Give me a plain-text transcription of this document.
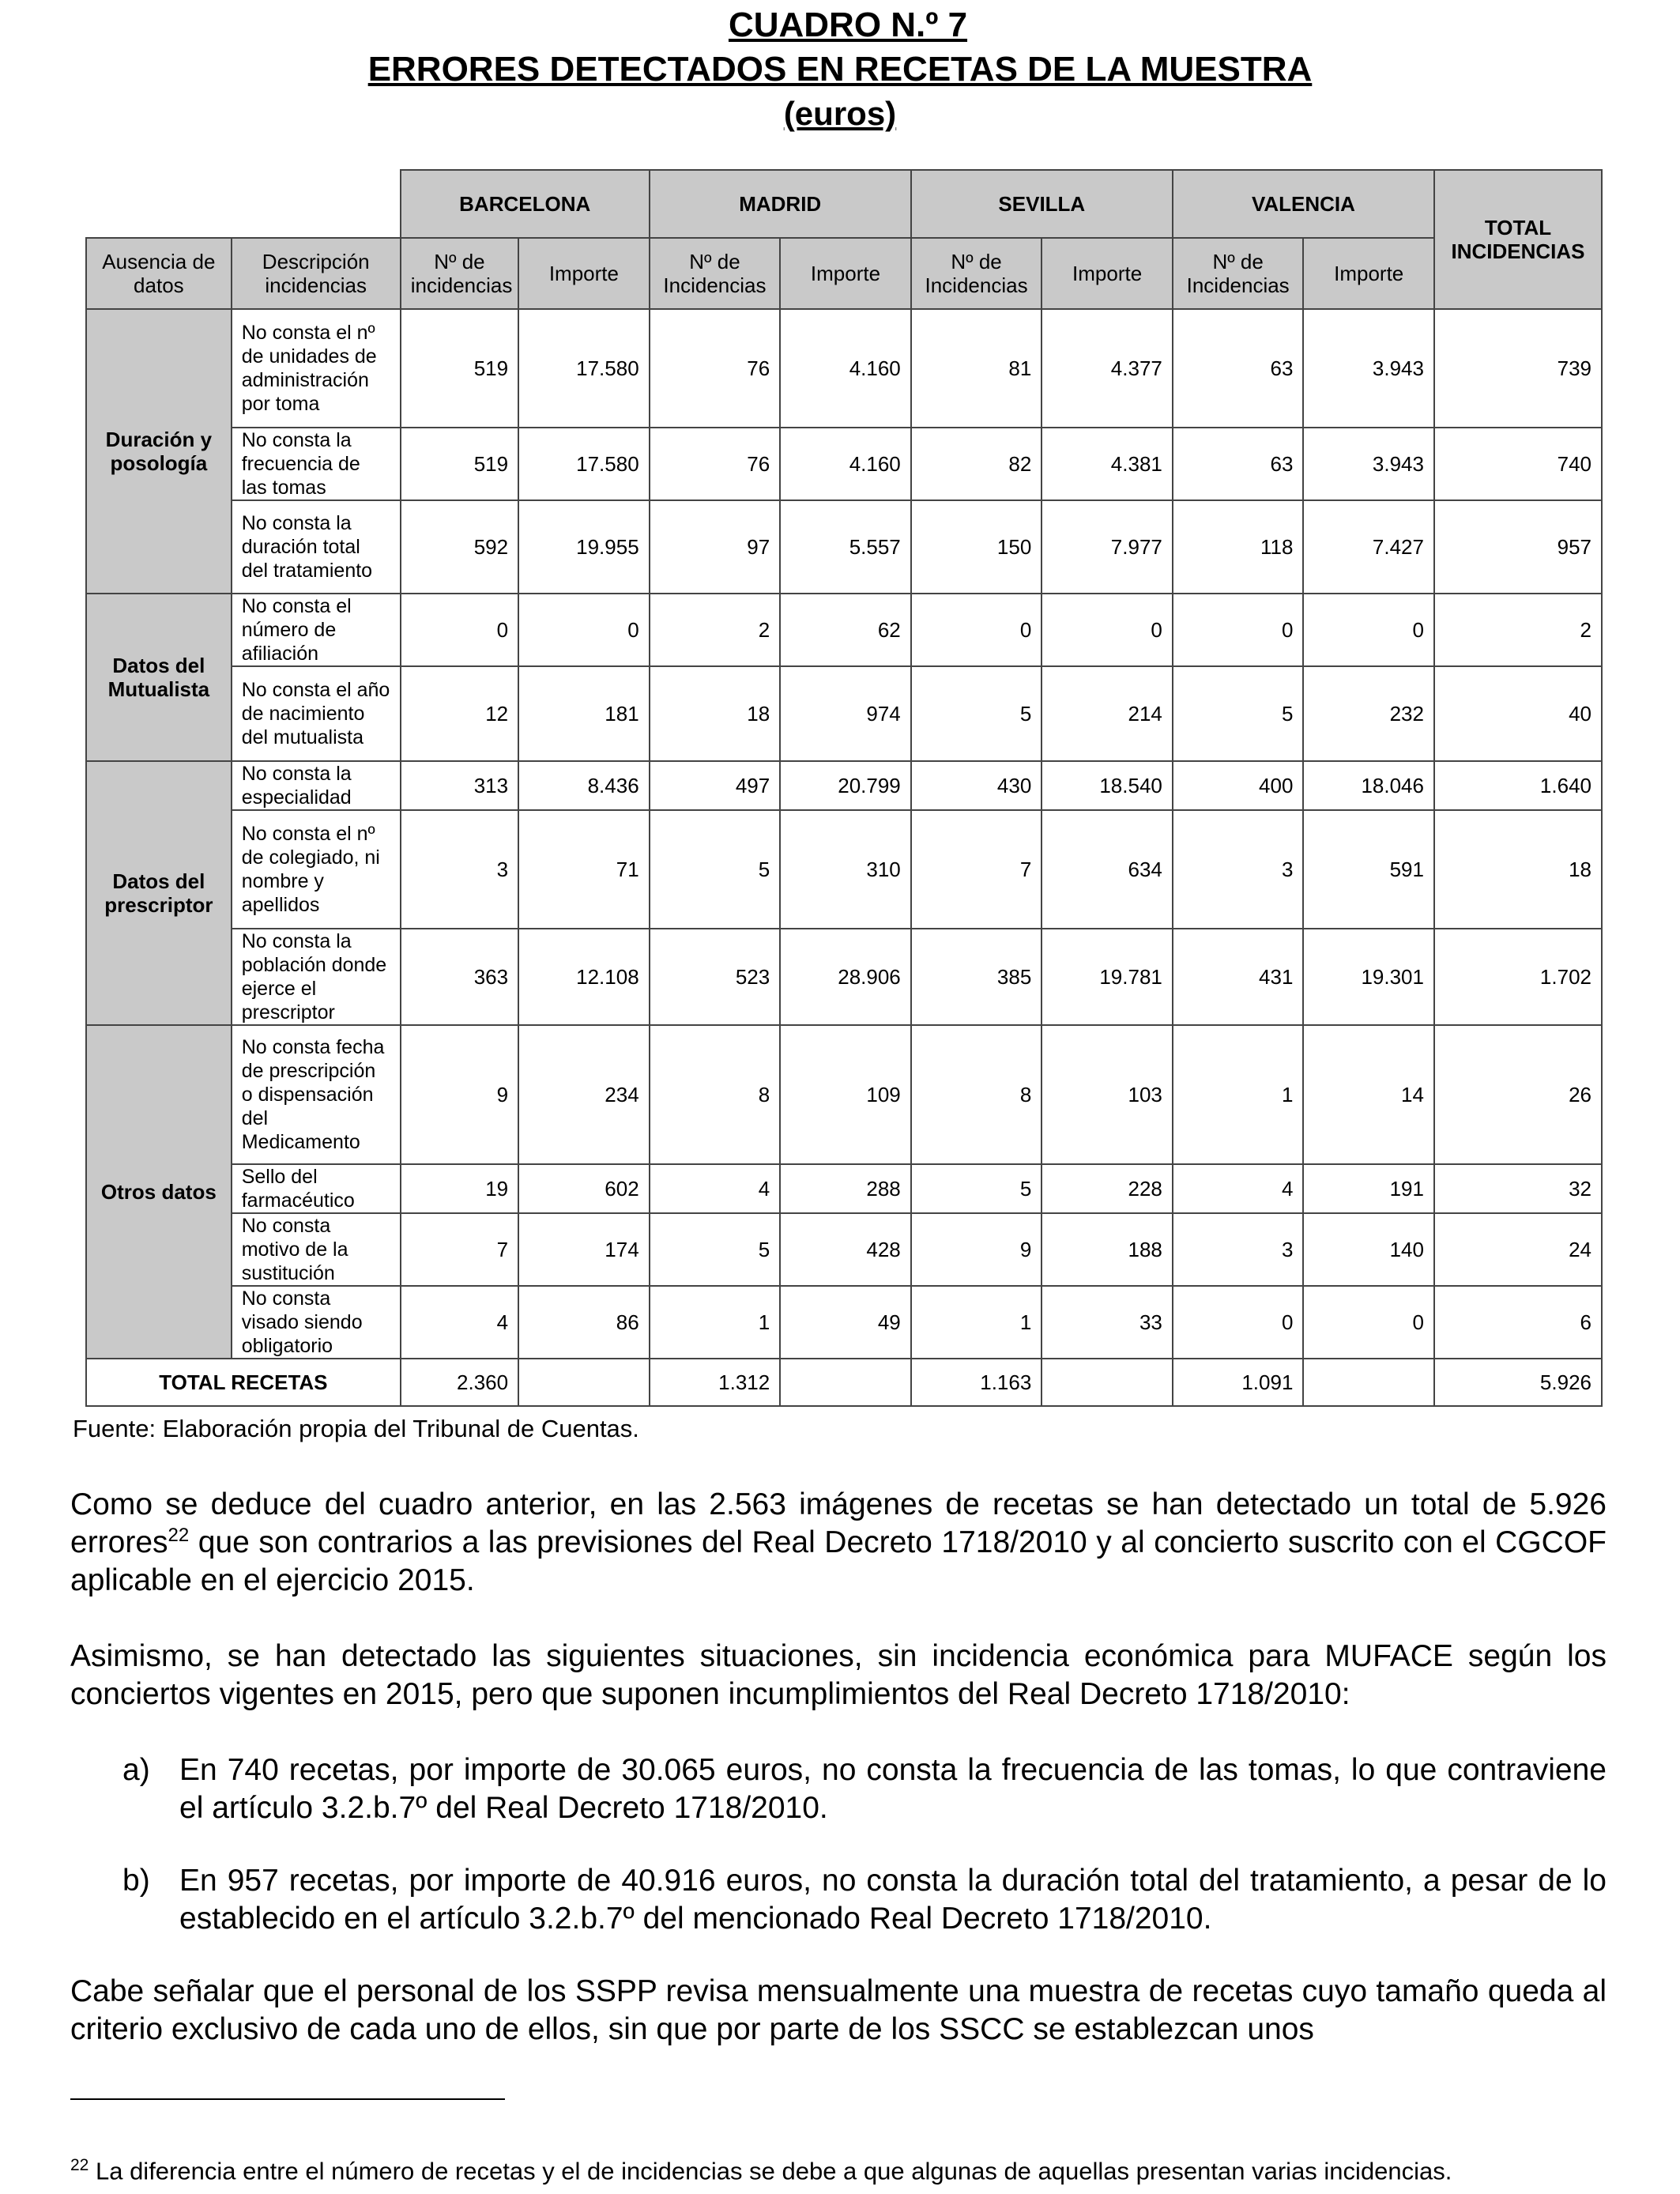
CUADRO N.º 7
ERRORES DETECTADOS EN RECETAS DE LA MUESTRA
(euros)
		BARCELONA		MADRID		SEVILLA		VALENCIA		TOTAL INCIDENCIAS
Ausencia de datos	Descripción incidencias	Nº de incidencias	Importe	Nº de Incidencias	Importe	Nº de Incidencias	Importe	Nº de Incidencias	Importe	
Duración y posología	No consta el nº de unidades de administración por toma	519	17.580	76	4.160	81	4.377	63	3.943	739
	No consta la frecuencia de las tomas	519	17.580	76	4.160	82	4.381	63	3.943	740
	No consta la duración total del tratamiento	592	19.955	97	5.557	150	7.977	118	7.427	957
Datos del Mutualista	No consta el número de afiliación	0	0	2	62	0	0	0	0	2
	No consta el año de nacimiento del mutualista	12	181	18	974	5	214	5	232	40
Datos del prescriptor	No consta la especialidad	313	8.436	497	20.799	430	18.540	400	18.046	1.640
	No consta el nº de colegiado, ni nombre y apellidos	3	71	5	310	7	634	3	591	18
	No consta la población donde ejerce el prescriptor	363	12.108	523	28.906	385	19.781	431	19.301	1.702
Otros datos	No consta fecha de prescripción o dispensación del Medicamento	9	234	8	109	8	103	1	14	26
	Sello del farmacéutico	19	602	4	288	5	228	4	191	32
	No consta motivo de la sustitución	7	174	5	428	9	188	3	140	24
	No consta visado siendo obligatorio	4	86	1	49	1	33	0	0	6
TOTAL RECETAS		2.360		1.312		1.163		1.091		5.926
Fuente: Elaboración propia del Tribunal de Cuentas.
Como se deduce del cuadro anterior, en las 2.563 imágenes de recetas se han detectado un total de 5.926 errores$^{22}$ que son contrarios a las previsiones del Real Decreto 1718/2010 y al concierto suscrito con el CGCOF aplicable en el ejercicio 2015.
Asimismo, se han detectado las siguientes situaciones, sin incidencia económica para MUFACE según los conciertos vigentes en 2015, pero que suponen incumplimientos del Real Decreto 1718/2010:
a) En 740 recetas, por importe de 30.065 euros, no consta la frecuencia de las tomas, lo que contraviene el artículo 3.2.b.7º del Real Decreto 1718/2010.
b) En 957 recetas, por importe de 40.916 euros, no consta la duración total del tratamiento, a pesar de lo establecido en el artículo 3.2.b.7º del mencionado Real Decreto 1718/2010.
Cabe señalar que el personal de los SSPP revisa mensualmente una muestra de recetas cuyo tamaño queda al criterio exclusivo de cada uno de ellos, sin que por parte de los SSCC se establezcan unos
$^{22}$ La diferencia entre el número de recetas y el de incidencias se debe a que algunas de aquellas presentan varias incidencias.
